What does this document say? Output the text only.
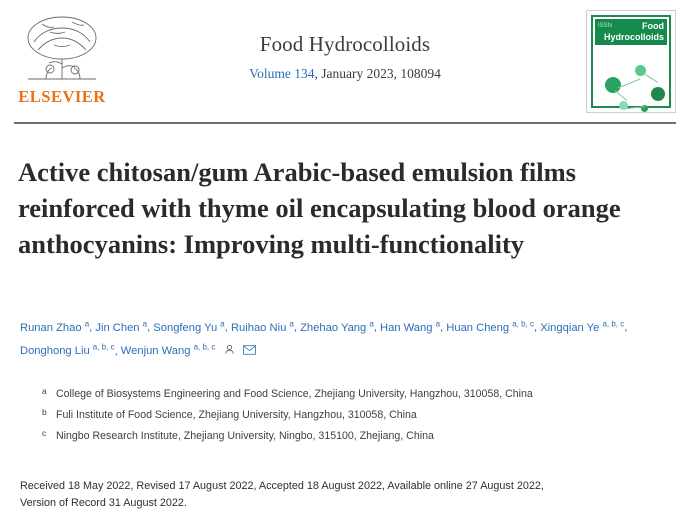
ELSEVIER
Food Hydrocolloids
Volume 134, January 2023, 108094
ISSN	Food
Hydrocolloids
Active chitosan/gum Arabic-based emulsion films reinforced with thyme oil encapsulating blood orange anthocyanins: Improving multi-functionality
Runan Zhao $^a$, Jin Chen $^a$, Songfeng Yu $^a$, Ruihao Niu $^a$, Zhehao Yang $^a$, Han Wang $^a$, Huan Cheng $^{a, b, c}$, Xingqian Ye $^{a, b, c}$, Donghong Liu $^{a, b, c}$, Wenjun Wang $^{a, b, c}$
a College of Biosystems Engineering and Food Science, Zhejiang University, Hangzhou, 310058, China
b Fuli Institute of Food Science, Zhejiang University, Hangzhou, 310058, China
c Ningbo Research Institute, Zhejiang University, Ningbo, 315100, Zhejiang, China
Received 18 May 2022, Revised 17 August 2022, Accepted 18 August 2022, Available online 27 August 2022,
Version of Record 31 August 2022.
